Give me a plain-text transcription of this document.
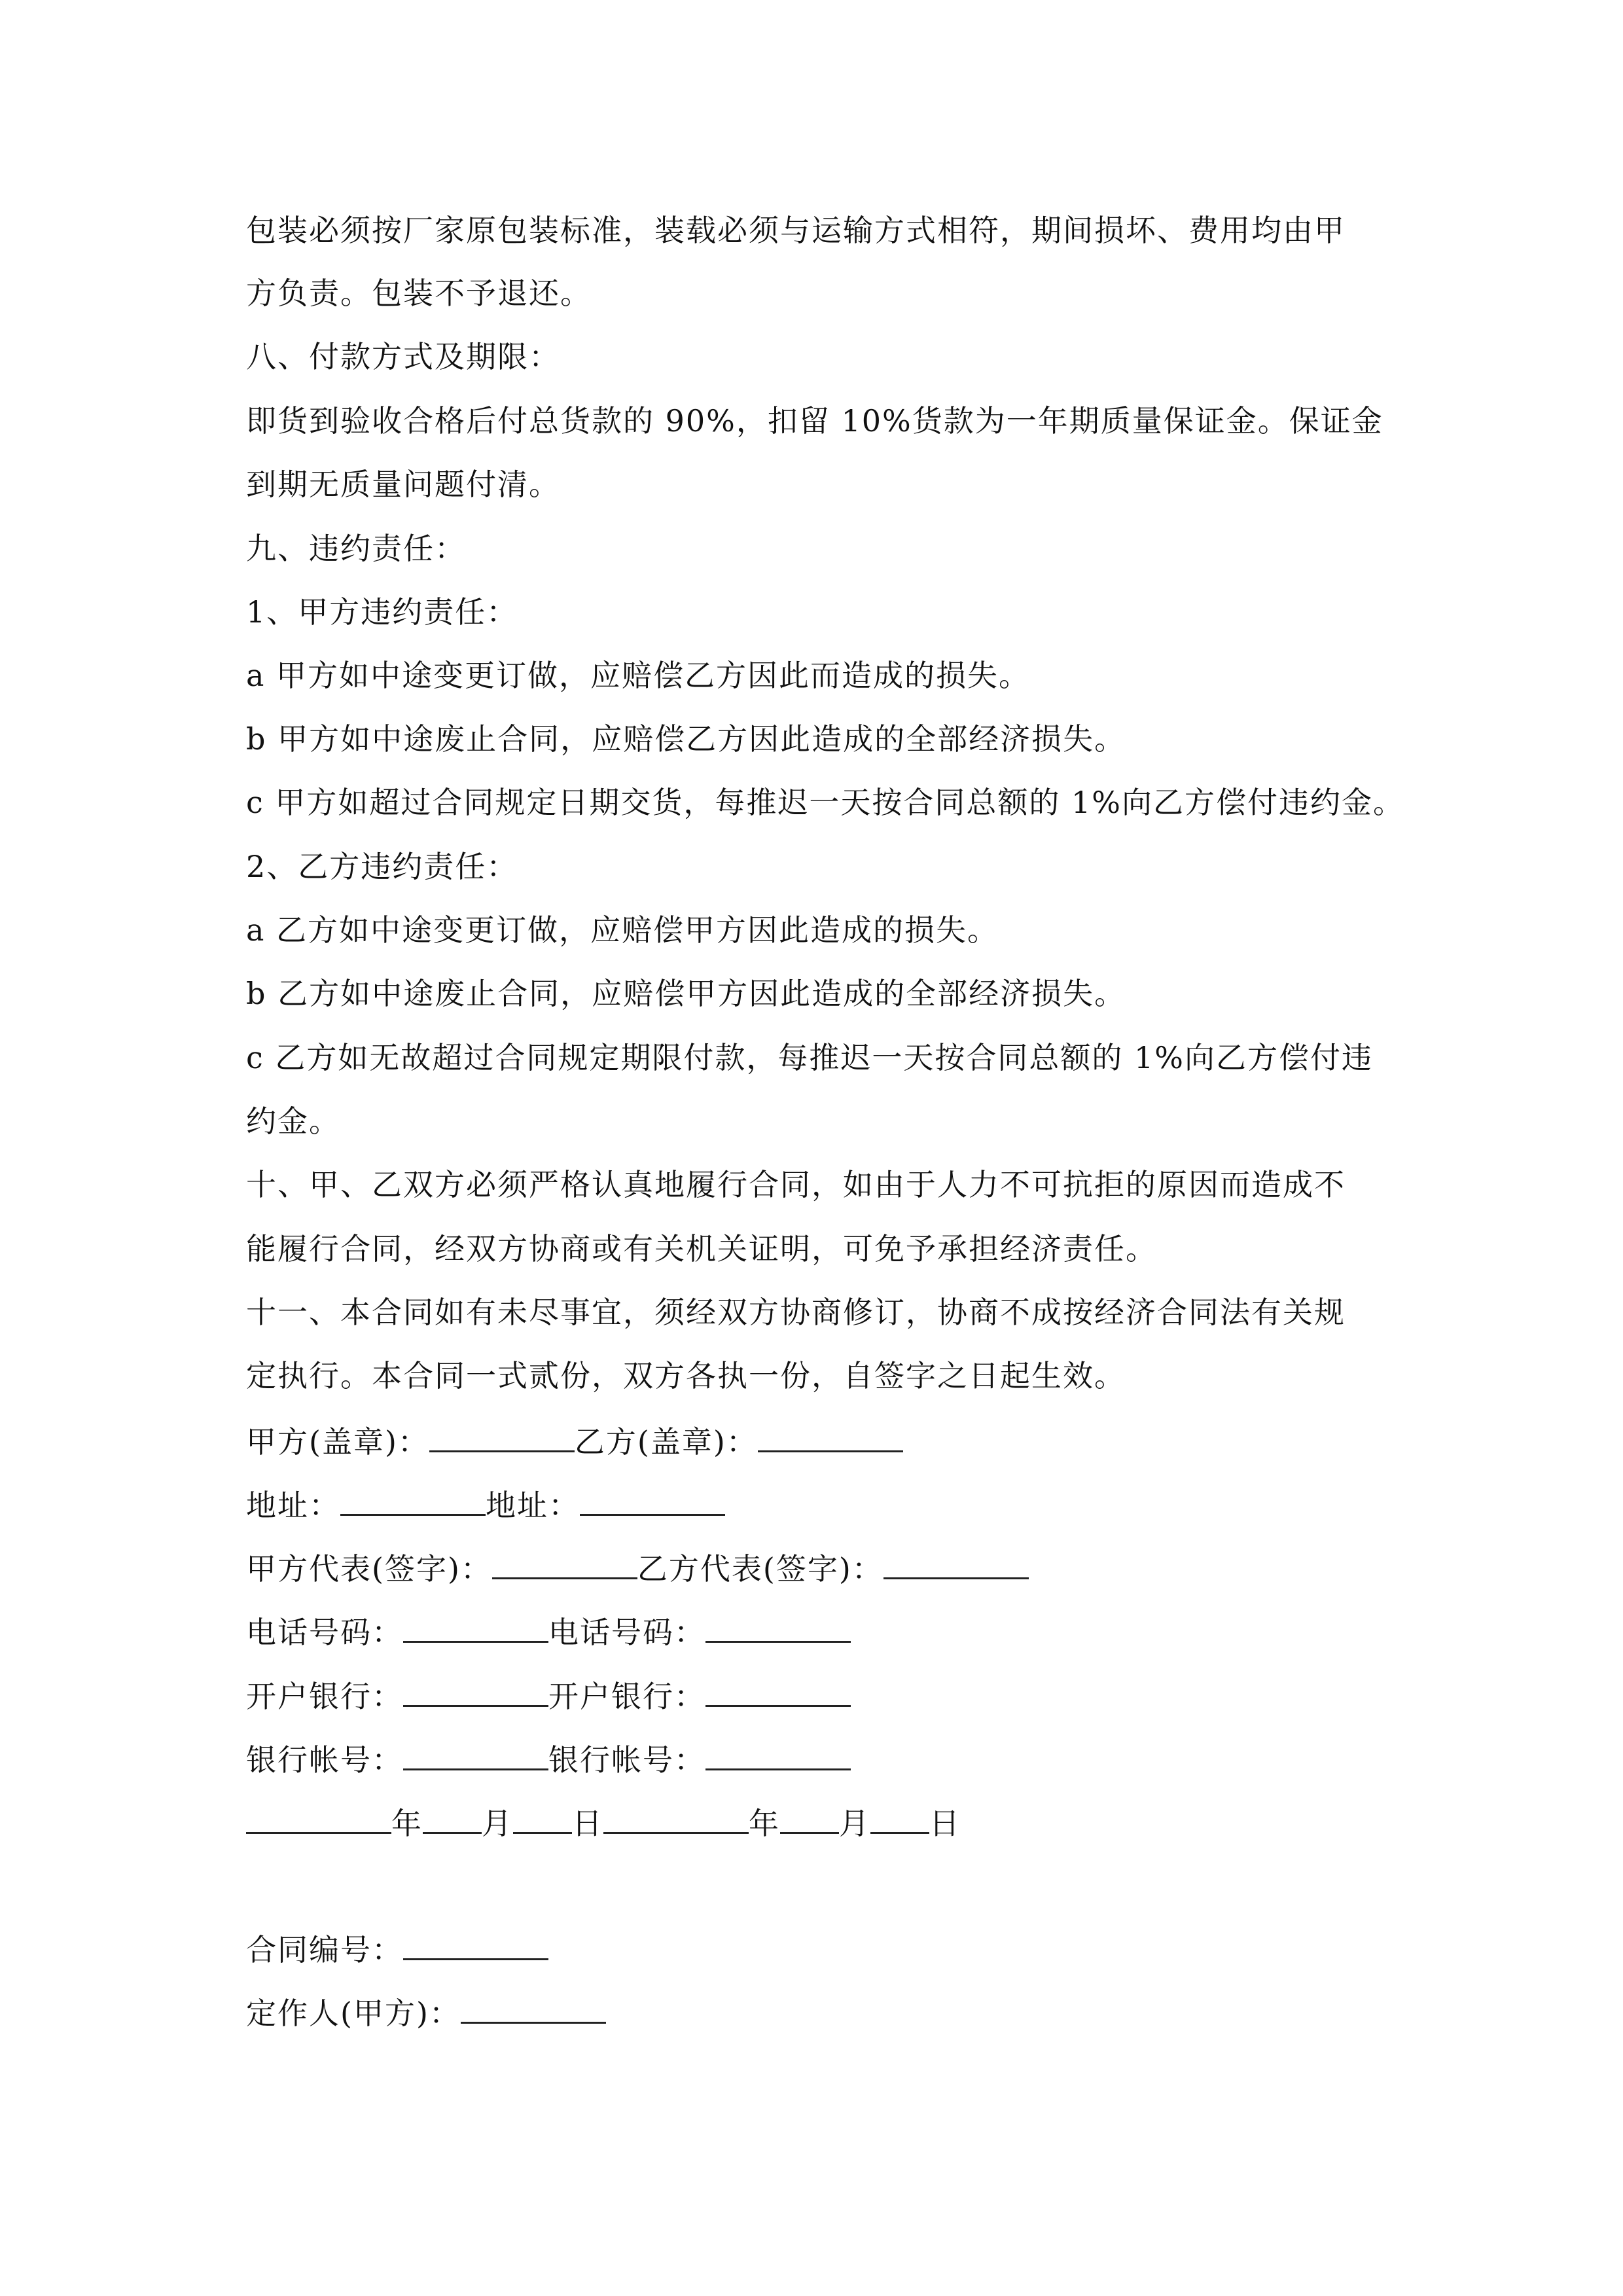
包装必须按厂家原包装标准，装载必须与运输方式相符，期间损坏、费用均由甲
方负责。包装不予退还。
八、付款方式及期限：
即货到验收合格后付总货款的 90%，扣留 10%货款为一年期质量保证金。保证金
到期无质量问题付清。
九、违约责任：
1、甲方违约责任：
a 甲方如中途变更订做，应赔偿乙方因此而造成的损失。
b 甲方如中途废止合同，应赔偿乙方因此造成的全部经济损失。
c 甲方如超过合同规定日期交货，每推迟一天按合同总额的 1%向乙方偿付违约金。
2、乙方违约责任：
a 乙方如中途变更订做，应赔偿甲方因此造成的损失。
b 乙方如中途废止合同，应赔偿甲方因此造成的全部经济损失。
c 乙方如无故超过合同规定期限付款，每推迟一天按合同总额的 1%向乙方偿付违
约金。
十、甲、乙双方必须严格认真地履行合同，如由于人力不可抗拒的原因而造成不
能履行合同，经双方协商或有关机关证明，可免予承担经济责任。
十一、本合同如有未尽事宜，须经双方协商修订，协商不成按经济合同法有关规
定执行。本合同一式贰份，双方各执一份，自签字之日起生效。
甲方(盖章)：	乙方(盖章)：
地址：	地址：
甲方代表(签字)：	乙方代表(签字)：
电话号码：	电话号码：
开户银行：	开户银行：
银行帐号：	银行帐号：
年 月 日	年 月 日
合同编号：
定作人(甲方)：
